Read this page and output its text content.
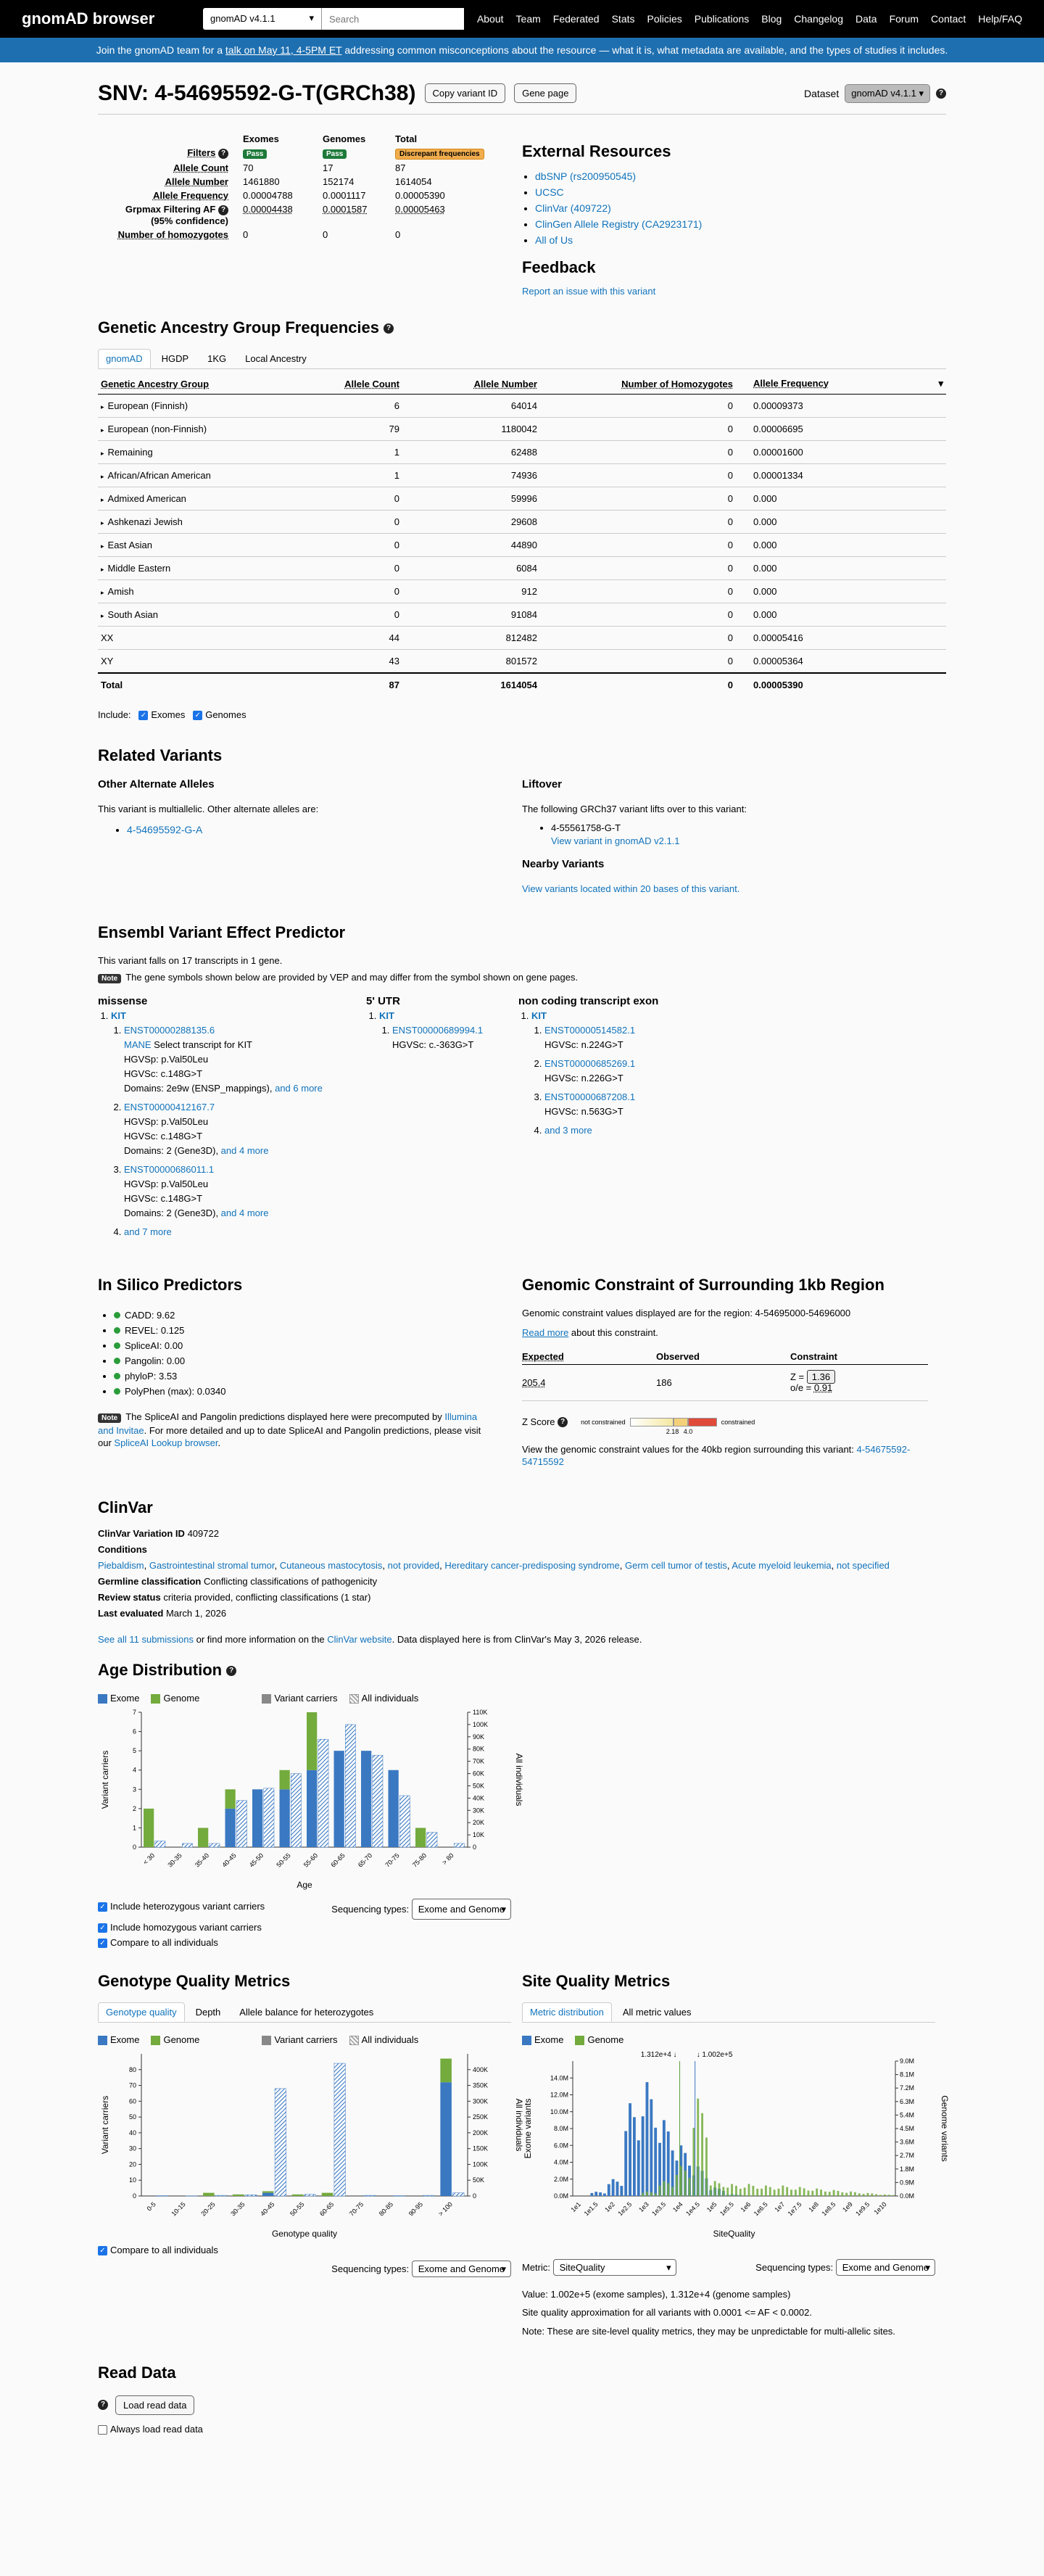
gnomAD browser	gnomAD v4.1.1 ▾
Search	About Team Federated Stats Policies Publications Blog Changelog Data Forum Contact Help/FAQ
Join the gnomAD team for a talk on May 11, 4-5PM ET addressing common misconceptions about the resource — what it is, what metadata are available, and the types of studies it includes.
SNV: 4-54695592-G-T(GRCh38)	Copy variant ID	Gene page	Dataset	gnomAD v4.1.1 ▾	?
	Exomes	Genomes	Total
Filters ?	Pass	Pass	Discrepant frequencies
Allele Count	70	17	87
Allele Number	1461880	152174	1614054
Allele Frequency	0.00004788	0.0001117	0.00005390
Grpmax Filtering AF ?
(95% confidence)	0.00004438	0.0001587	0.00005463
Number of homozygotes	0	0	0
External Resources
• dbSNP (rs200950545)
• UCSC
• ClinVar (409722)
• ClinGen Allele Registry (CA2923171)
• All of Us
Feedback
Report an issue with this variant
Genetic Ancestry Group Frequencies ?
gnomAD	HGDP	1KG	Local Ancestry
Genetic Ancestry Group	Allele Count	Allele Number	Number of Homozygotes	Allele Frequency ▾

▸ European (Finnish)	6	64014	0	0.00009373
▸ European (non-Finnish)	79	1180042	0	0.00006695
▸ Remaining	1	62488	0	0.00001600
▸ African/African American	1	74936	0	0.00001334
▸ Admixed American	0	59996	0	0.000
▸ Ashkenazi Jewish	0	29608	0	0.000
▸ East Asian	0	44890	0	0.000
▸ Middle Eastern	0	6084	0	0.000
▸ Amish	0	912	0	0.000
▸ South Asian	0	91084	0	0.000
XX	44	812482	0	0.00005416
XY	43	801572	0	0.00005364
Total	87	1614054	0	0.00005390
Include: ✓ Exomes ✓ Genomes
Related Variants
Other Alternate Alleles

This variant is multiallelic. Other alternate alleles are:

• 4-54695592-G-A
Liftover

The following GRCh37 variant lifts over to this variant:

• 4-55561758-G-T
View variant in gnomAD v2.1.1
Nearby Variants

View variants located within 20 bases of this variant.

Ensembl Variant Effect Predictor

This variant falls on 17 transcripts in 1 gene.

Note The gene symbols shown below are provided by VEP and may differ from the symbol shown on gene pages.

missense
1. KIT
1. ENST00000288135.6
MANE Select transcript for KIT
HGVSp: p.Val50Leu
HGVSc: c.148G>T
Domains: 2e9w (ENSP_mappings), and 6 more
2. ENST00000412167.7
HGVSp: p.Val50Leu
HGVSc: c.148G>T
Domains: 2 (Gene3D), and 4 more
3. ENST00000686011.1
HGVSp: p.Val50Leu
HGVSc: c.148G>T
Domains: 2 (Gene3D), and 4 more
4. and 7 more
5' UTR
1. KIT
1. ENST00000689994.1
HGVSc: c.-363G>T
non coding transcript exon
1. KIT
1. ENST00000514582.1
HGVSc: n.224G>T
2. ENST00000685269.1
HGVSc: n.226G>T
3. ENST00000687208.1
HGVSc: n.563G>T
4. and 3 more
In Silico Predictors
• CADD: 9.62
• REVEL: 0.125
• SpliceAI: 0.00
• Pangolin: 0.00
• phyloP: 3.53
• PolyPhen (max): 0.0340

Note The SpliceAI and Pangolin predictions displayed here were precomputed by Illumina and Invitae. For more detailed and up to date SpliceAI and Pangolin predictions, please visit our SpliceAI Lookup browser.

Genomic Constraint of Surrounding 1kb Region

Genomic constraint values displayed are for the region: 4-54695000-54696000

Read more about this constraint.

Expected	Observed	Constraint
205.4	186	Z = 1.36
o/e = 0.91
Z Score
?	not constrained
2.18 4.0
constrained

View the genomic constraint values for the 40kb region surrounding this variant: 4-54675592-54715592

ClinVar

ClinVar Variation ID 409722

Conditions

Piebaldism, Gastrointestinal stromal tumor, Cutaneous mastocytosis, not provided, Hereditary cancer-predisposing syndrome, Germ cell tumor of testis, Acute myeloid leukemia, not specified

Germline classification Conflicting classifications of pathogenicity

Review status criteria provided, conflicting classifications (1 star)

Last evaluated March 1, 2026

See all 11 submissions or find more information on the ClinVar website. Data displayed here is from ClinVar's May 3, 2026 release.

Age Distribution ?
Exome	Genome	Variant carriers	All individuals
0
1
2
3
4
5
6
7
0
10K
20K
30K
40K
50K
60K
70K
80K
90K
100K
110K
< 30 30-35 35-40 40-45 45-50 50-55 55-60 60-65 65-70 70-75 75-80 > 80
Age
Variant carriers	All individuals
✓ Include heterozygous variant carriers	Sequencing types: Exome and Genome ▾
✓ Include homozygous variant carriers
✓ Compare to all individuals
Genotype Quality Metrics
Genotype quality	Depth	Allele balance for heterozygotes
Exome	Genome	Variant carriers	All individuals
0
10
20
30
40
50
60
70
80
0
50K
100K
150K
200K
250K
300K
350K
400K
0-5 10-15 20-25 30-35 40-45 50-55 60-65 70-75 80-85 90-95 > 100
Genotype quality
Variant carriers	All individuals
✓ Compare to all individuals
Sequencing types: Exome and Genome ▾
Site Quality Metrics
Metric distribution	All metric values
Exome	Genome
0.0M
2.0M
4.0M
6.0M
8.0M
10.0M
12.0M
14.0M
0.0M
0.9M
1.8M
2.7M
3.6M
4.5M
5.4M
6.3M
7.2M
8.1M
9.0M
1e1 1e1.5 1e2 1e2.5 1e3 1e3.5 1e4 1e4.5 1e5 1e5.5 1e6 1e6.5 1e7 1e7.5 1e8 1e8.5 1e9 1e9.5 1e10
1.312e+4 ↓	↓ 1.002e+5
SiteQuality
Exome variants	Genome variants
Metric: SiteQuality ▾	Sequencing types: Exome and Genome ▾

Value: 1.002e+5 (exome samples), 1.312e+4 (genome samples)

Site quality approximation for all variants with 0.0001 <= AF < 0.0002.

Note: These are site-level quality metrics, they may be unpredictable for multi-allelic sites.

Read Data
?	Load read data

Always load read data
